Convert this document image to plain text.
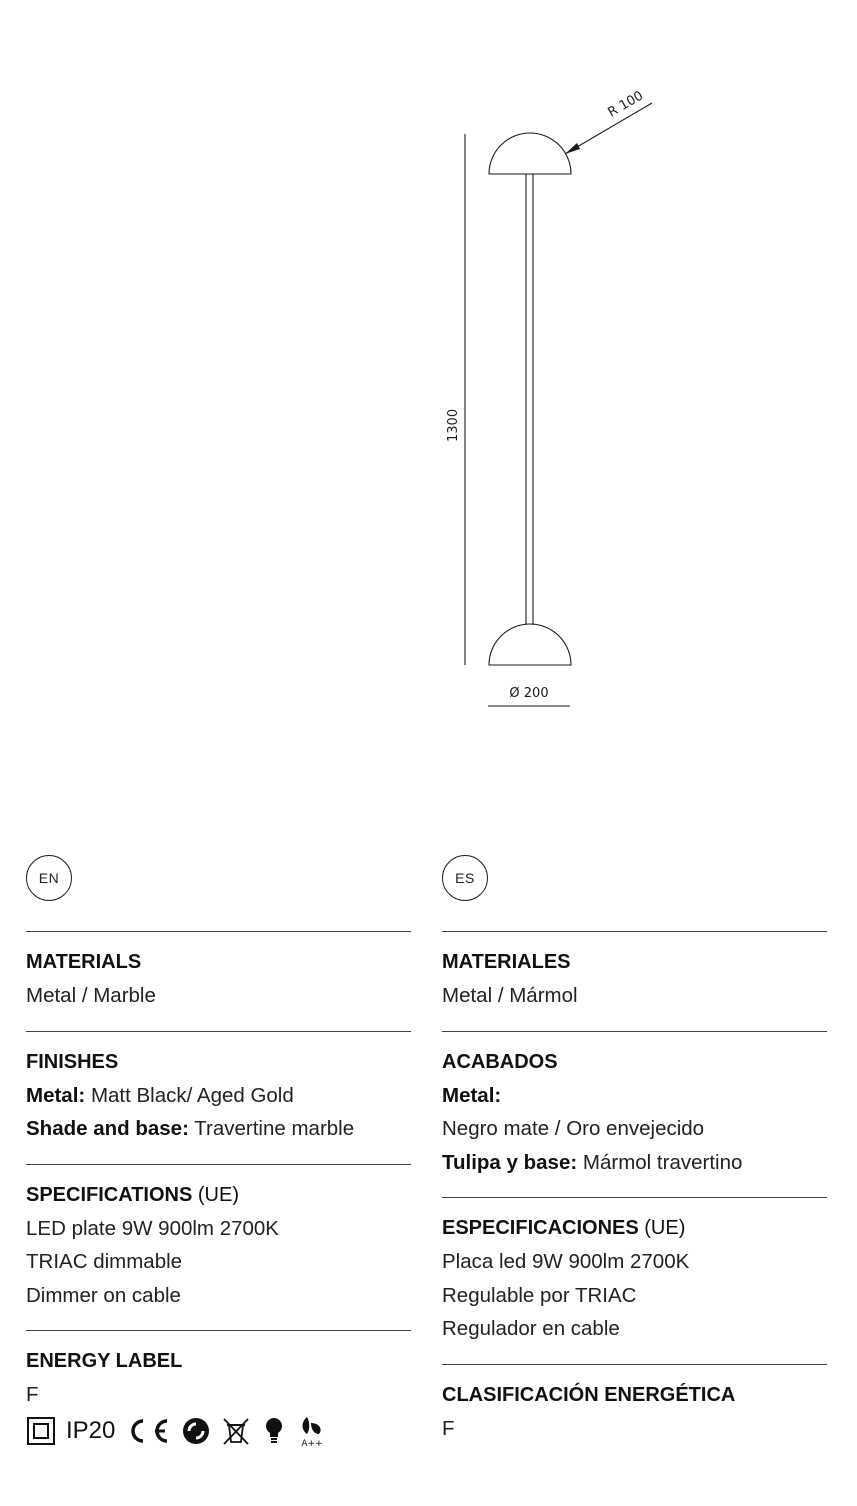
R 100
1300
Ø 200
EN
MATERIALS
Metal / Marble
FINISHES
Metal: Matt Black/ Aged Gold
Shade and base: Travertine marble
SPECIFICATIONS (UE)
LED plate 9W 900lm 2700K
TRIAC dimmable
Dimmer on cable
ENERGY LABEL
F
IP20	A++
ES
MATERIALES
Metal / Mármol
ACABADOS
Metal:
Negro mate / Oro envejecido
Tulipa y base: Mármol travertino
ESPECIFICACIONES (UE)
Placa led 9W 900lm 2700K
Regulable por TRIAC
Regulador en cable
CLASIFICACIÓN ENERGÉTICA
F
